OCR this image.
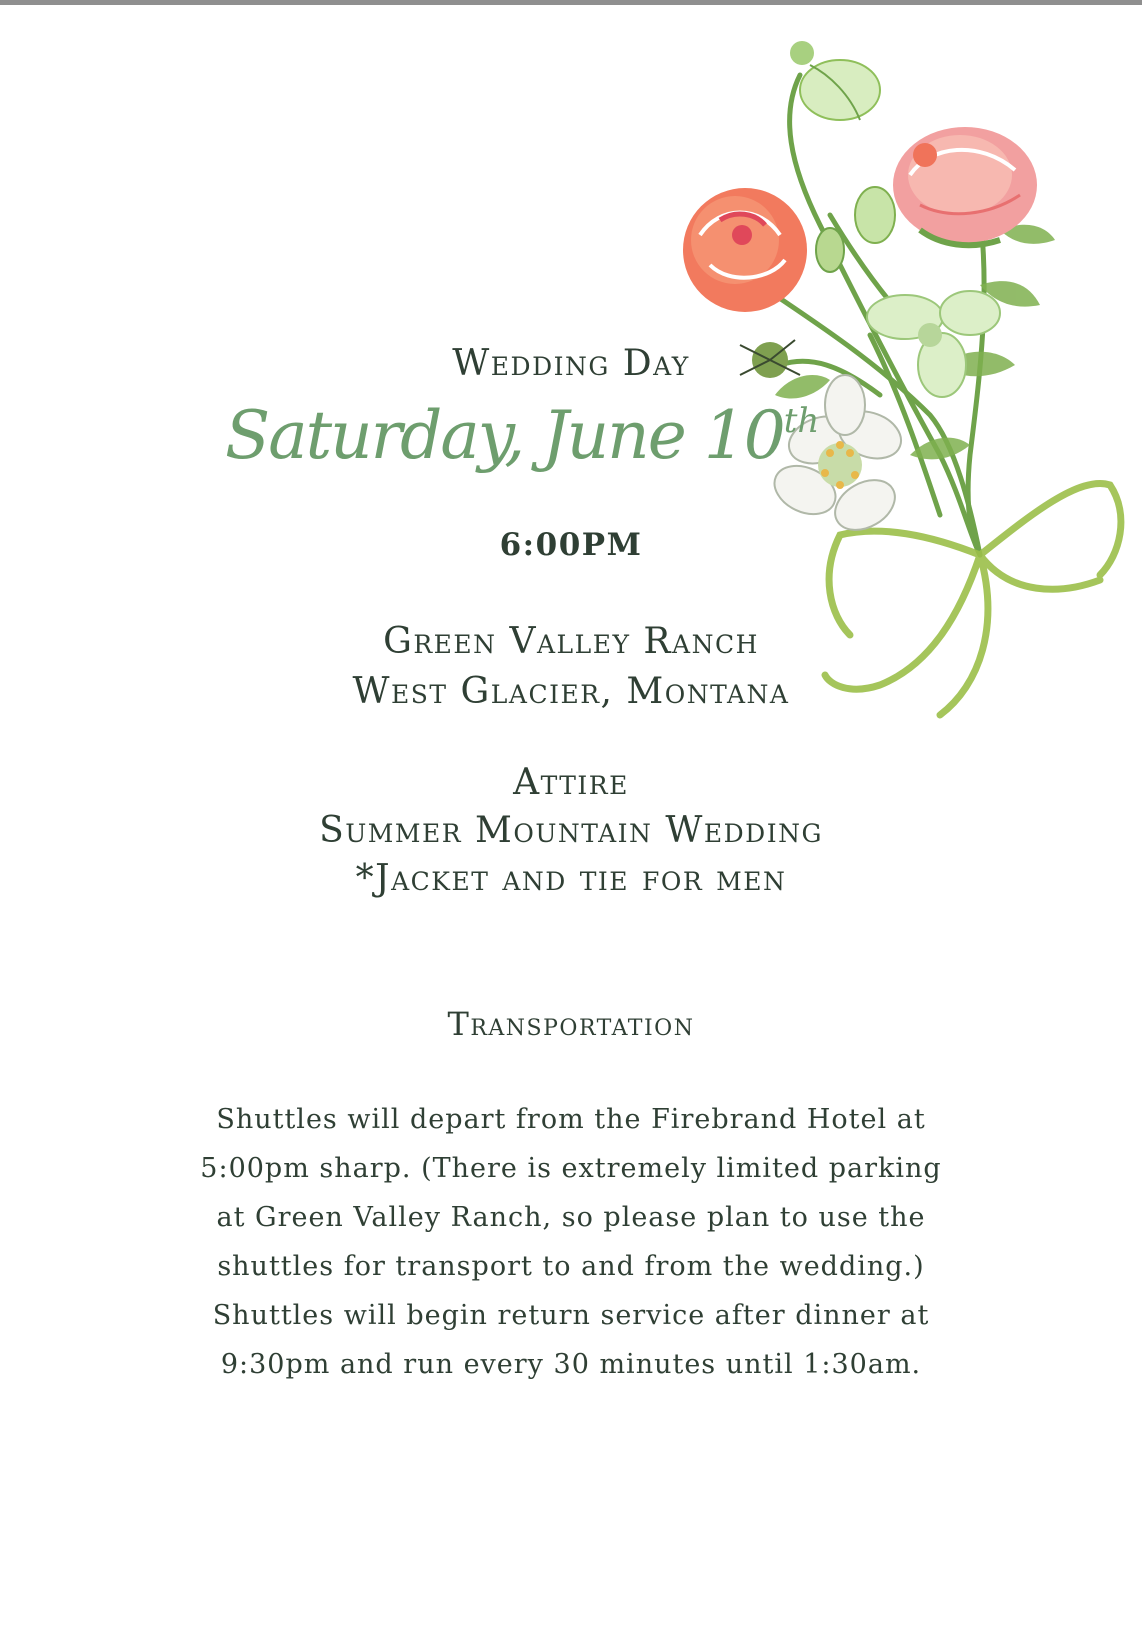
Wedding Day
Saturday, June 10th
6:00PM
Green Valley Ranch
West Glacier, Montana
Attire
Summer Mountain Wedding
*Jacket and tie for men
Transportation
Shuttles will depart from the Firebrand Hotel at 5:00pm sharp. (There is extremely limited parking at Green Valley Ranch, so please plan to use the shuttles for transport to and from the wedding.) Shuttles will begin return service after dinner at 9:30pm and run every 30 minutes until 1:30am.
